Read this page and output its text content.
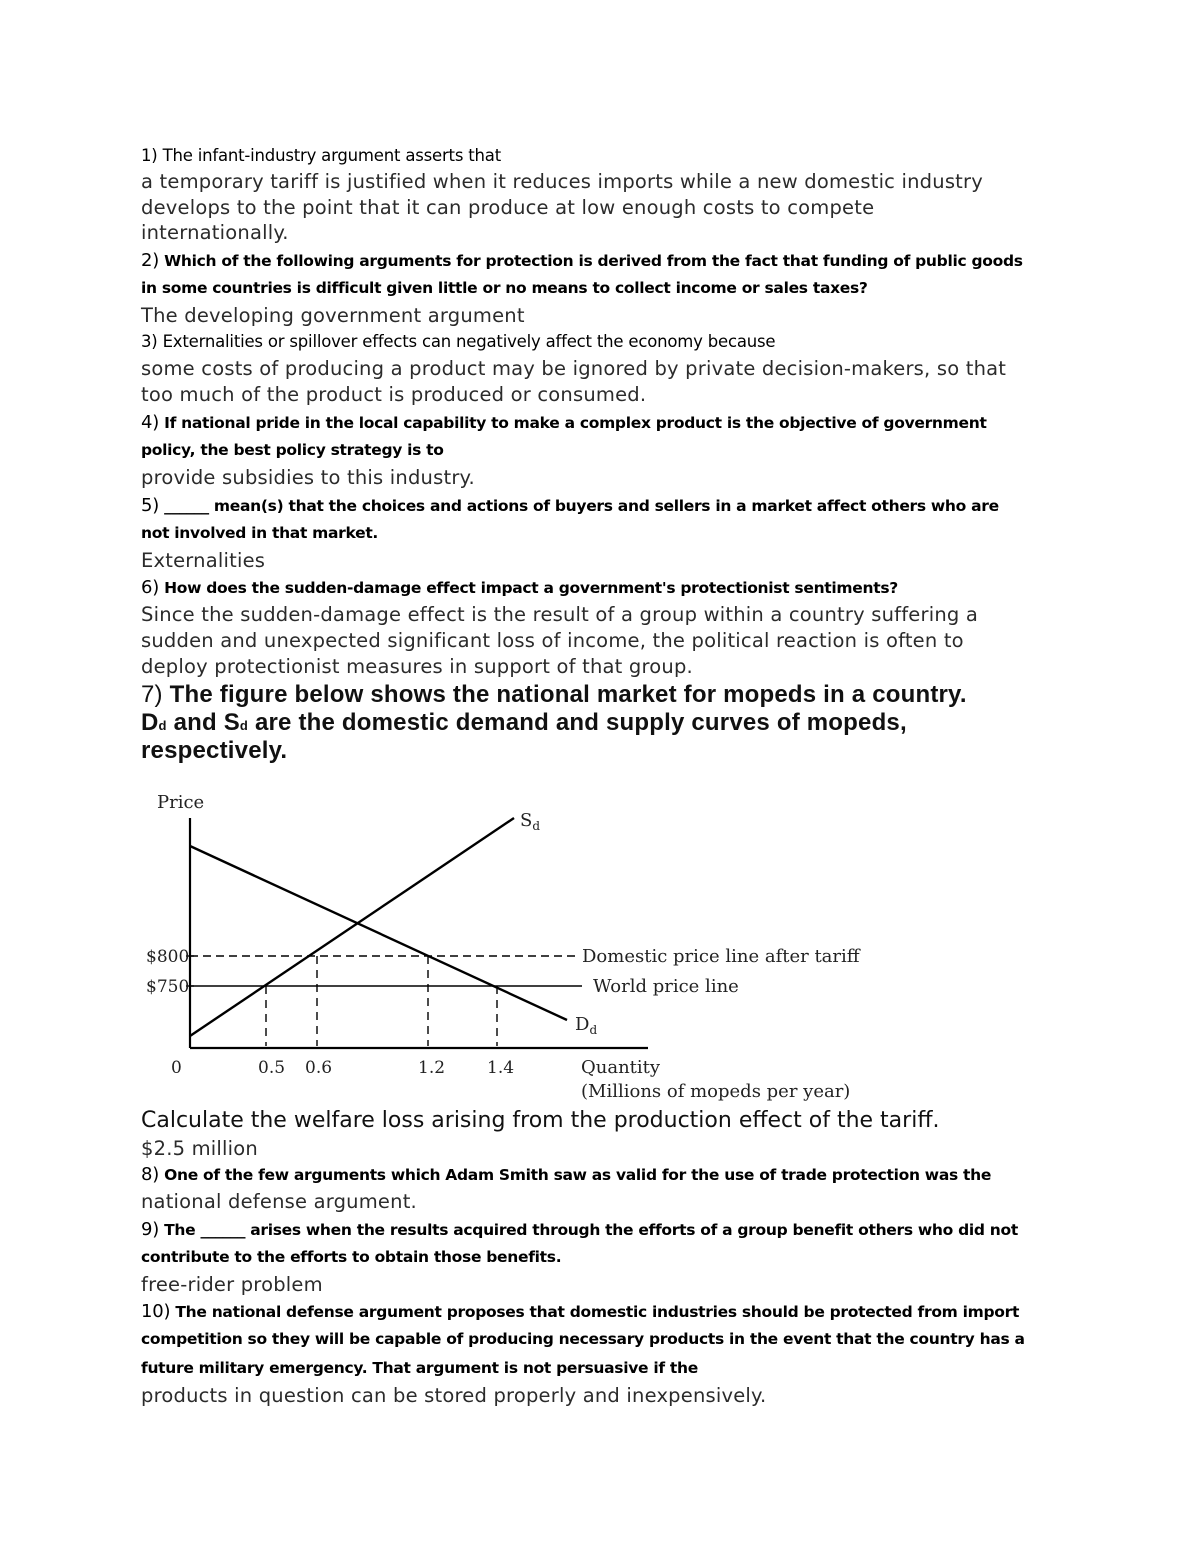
1) The infant-industry argument asserts that
a temporary tariff is justified when it reduces imports while a new domestic industry
develops to the point that it can produce at low enough costs to compete
internationally.
2) Which of the following arguments for protection is derived from the fact that funding of public goods
in some countries is difficult given little or no means to collect income or sales taxes?
The developing government argument
3) Externalities or spillover effects can negatively affect the economy because
some costs of producing a product may be ignored by private decision-makers, so that
too much of the product is produced or consumed.
4) If national pride in the local capability to make a complex product is the objective of government
policy, the best policy strategy is to
provide subsidies to this industry.
5) ______ mean(s) that the choices and actions of buyers and sellers in a market affect others who are
not involved in that market.
Externalities
6) How does the sudden-damage effect impact a government's protectionist sentiments?
Since the sudden-damage effect is the result of a group within a country suffering a
sudden and unexpected significant loss of income, the political reaction is often to
deploy protectionist measures in support of that group.
7) The figure below shows the national market for mopeds in a country.
Dd and Sd are the domestic demand and supply curves of mopeds,
respectively.
Price
0	Quantity
(Millions of mopeds per year)
Domestic price line after tariff
World price line
$800
$750
0.5 0.6	1.2 1.4
$S_d$
$D_d$
Calculate the welfare loss arising from the production effect of the tariff.
$2.5 million
8) One of the few arguments which Adam Smith saw as valid for the use of trade protection was the
national defense argument.
9) The ______ arises when the results acquired through the efforts of a group benefit others who did not
contribute to the efforts to obtain those benefits.
free-rider problem
10) The national defense argument proposes that domestic industries should be protected from import
competition so they will be capable of producing necessary products in the event that the country has a
future military emergency. That argument is not persuasive if the
products in question can be stored properly and inexpensively.
